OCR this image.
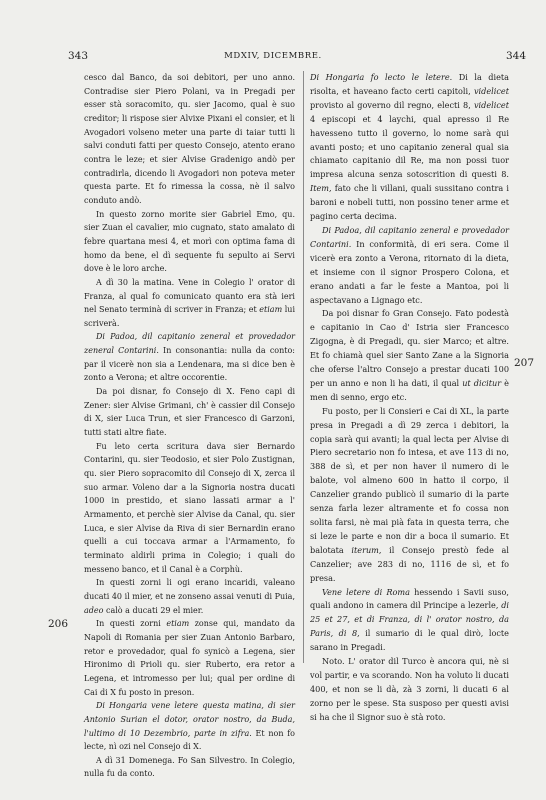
343	MDXIV, DICEMBRE.	344

cesco dal Banco, da soi debitori, per uno anno. Contradise sier Piero Polani, va in Pregadi per esser stà soracomito, qu. sier Jacomo, qual è suo creditor; li rispose sier Alvixe Pixani el consier, et li Avogadori volseno meter una parte di taiar tutti li salvi conduti fatti per questo Consejo, atento erano contra le leze; et sier Alvise Gradenigo andò per contradirla, dicendo li Avogadori non poteva meter questa parte. Et fo rimessa la cossa, nè il salvo conduto andò.

In questo zorno morite sier Gabriel Emo, qu. sier Zuan el cavalier, mio cugnato, stato amalato di febre quartana mesi 4, et morì con optima fama di homo da bene, el dì sequente fu sepulto ai Servi dove è le loro arche.

A dì 30 la matina. Vene in Colegio l' orator di Franza, al qual fo comunicato quanto era stà ieri nel Senato terminà di scriver in Franza; et etiam lui scriverà.

Di Padoa, dil capitanio zeneral et provedador zeneral Contarini. In consonantia: nulla da conto: par il vicerè non sia a Lendenara, ma si dice ben è zonto a Verona; et altre occorentie.

Da poi disnar, fo Consejo di X. Feno capi di Zener: sier Alvise Grimani, ch' è cassier dil Consejo di X, sier Luca Trun, et sier Francesco di Garzoni, tutti stati altre fiate.

Fu leto certa scritura dava sier Bernardo Contarini, qu. sier Teodosio, et sier Polo Zustignan, qu. sier Piero sopracomito dil Consejo di X, zerca il suo armar. Voleno dar a la Signoria nostra ducati 1000 in prestido, et siano lassati armar a l' Armamento, et perchè sier Alvise da Canal, qu. sier Luca, e sier Alvise da Riva di sier Bernardin erano quelli a cui toccava armar a l'Armamento, fo terminato aldirli prima in Colegio; i quali do messeno banco, et il Canal è a Corphù.

In questi zorni li ogi erano incaridi, valeano ducati 40 il mier, et ne zonseno assai venuti di Puia, adeo calò a ducati 29 el mier.

In questi zorni etiam zonse qui, mandato da Napoli di Romania per sier Zuan Antonio Barbaro, retor e provedador, qual fo synicò a Legena, sier Hironimo di Prioli qu. sier Ruberto, era retor a Legena, et intromesso per lui; qual per ordine di Cai di X fu posto in preson.

Di Hongaria vene letere questa matina, di sier Antonio Surian el dotor, orator nostro, da Buda, l'ultimo di 10 Dezembrio, parte in zifra. Et non fo lecte, nì ozi nel Consejo di X.

A dì 31 Domenega. Fo San Silvestro. In Colegio, nulla fu da conto.

Di Hongaria fo lecto le letere. Di la dieta risolta, et haveano facto certi capitoli, videlicet provisto al governo dil regno, electi 8, videlicet 4 episcopi et 4 laychi, qual apresso il Re havesseno tutto il governo, lo nome sarà qui avanti posto; et uno capitanio zeneral qual sia chiamato capitanio dil Re, ma non possi tuor impresa alcuna senza sotoscrition di questi 8. Item, fato che li villani, quali sussitano contra i baroni e nobeli tutti, non possino tener arme et pagino certa decima.

Di Padoa, dil capitanio zeneral e provedador Contarini. In conformità, di eri sera. Come il vicerè era zonto a Verona, ritornato di la dieta, et insieme con il signor Prospero Colona, et erano andati a far le feste a Mantoa, poi li aspectavano a Lignago etc.

Da poi disnar fo Gran Consejo. Fato podestà e capitanio in Cao d' Istria sier Francesco Zigogna, è di Pregadi, qu. sier Marco; et altre. Et fo chiamà quel sier Santo Zane a la Signoria che oferse l'altro Consejo a prestar ducati 100 per un anno e non li ha dati, il qual ut dicitur è men di senno, ergo etc.

Fu posto, per li Consieri e Cai di XL, la parte presa in Pregadi a dì 29 zerca i debitori, la copia sarà qui avanti; la qual lecta per Alvise di Piero secretario non fo intesa, et ave 113 di no, 388 de sì, et per non haver il numero di le balote, vol almeno 600 in hatto il corpo, il Canzelier grando publicò il sumario di la parte senza farla lezer altramente et fo cossa non solita farsi, nè mai pià fata in questa terra, che si leze le parte e non dir a boca il sumario. Et balotata iterum, il Consejo prestò fede al Canzelier; ave 283 di no, 1116 de sì, et fo presa.

Vene letere di Roma hessendo i Savii suso, quali andono in camera dil Principe a lezerle, di 25 et 27, et di Franza, di l' orator nostro, da Paris, di 8, il sumario di le qual dirò, locte sarano in Pregadi.

Noto. L' orator dil Turco è ancora qui, nè si vol partir, e va scorando. Non ha voluto li ducati 400, et non se li dà, zà 3 zorni, li ducati 6 al zorno per le spese. Sta susposo per questi avisi si ha che il Signor suo è stà roto.

206
207
